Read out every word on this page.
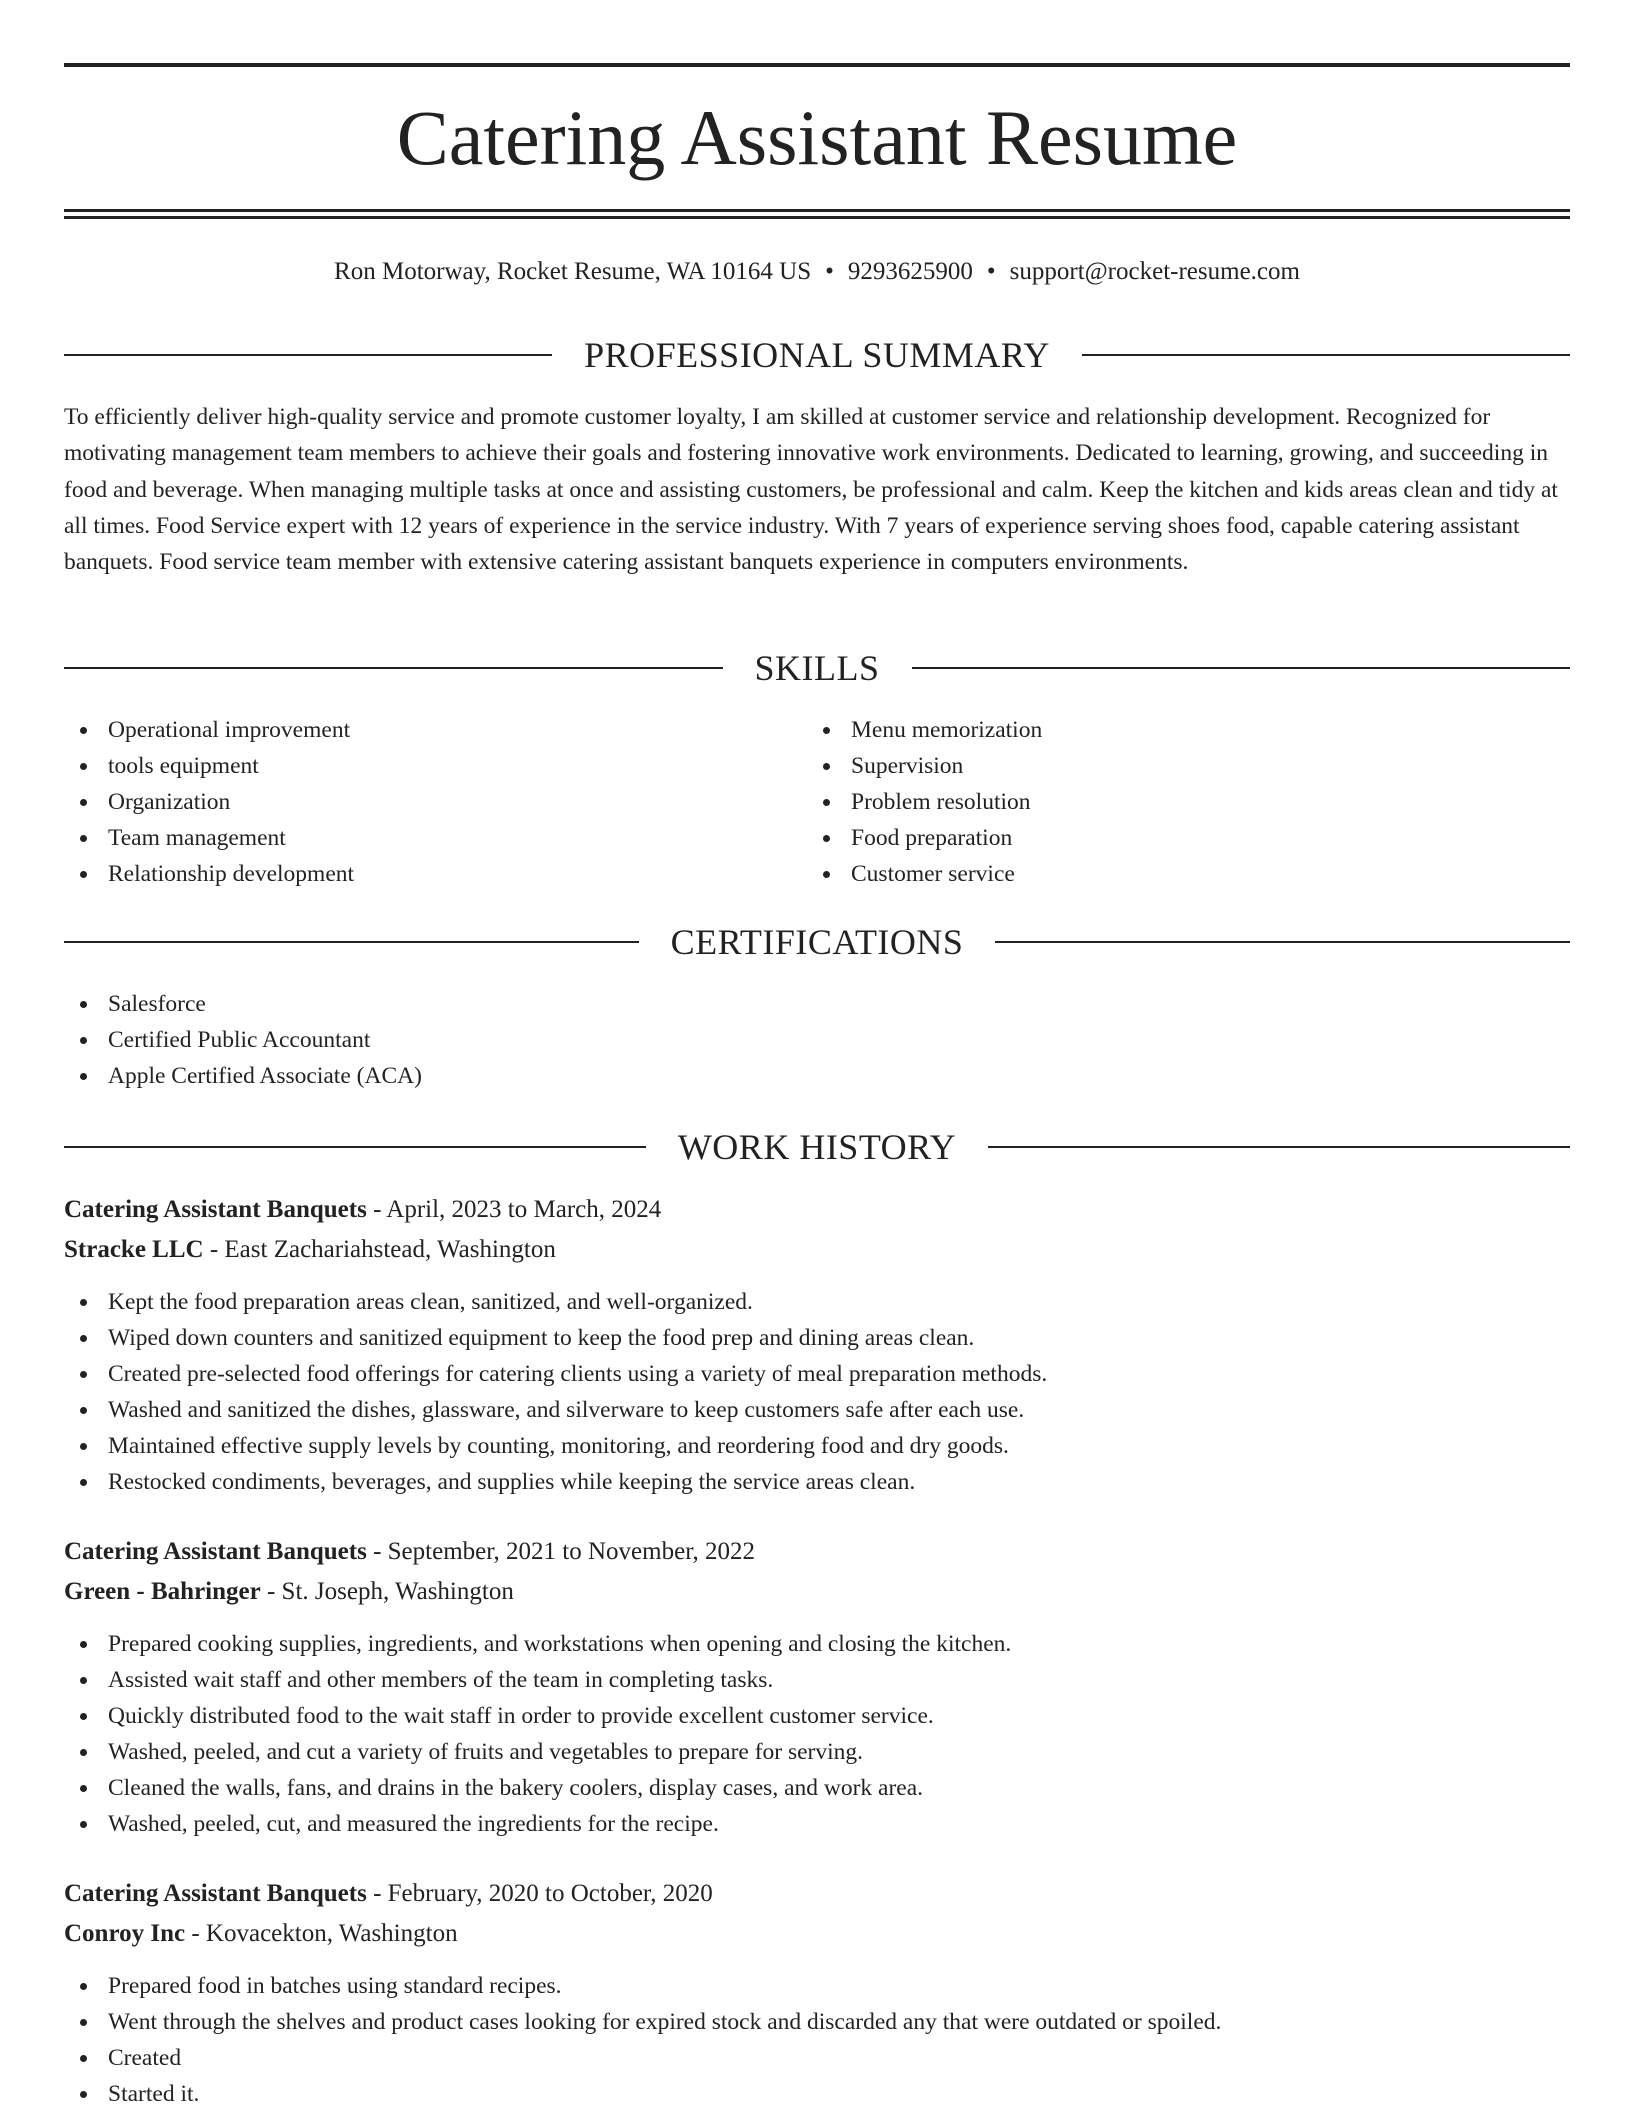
Catering Assistant Resume
Ron Motorway, Rocket Resume, WA 10164 US • 9293625900 • support@rocket-resume.com
PROFESSIONAL SUMMARY

To efficiently deliver high-quality service and promote customer loyalty, I am skilled at customer service and relationship development. Recognized for motivating management team members to achieve their goals and fostering innovative work environments. Dedicated to learning, growing, and succeeding in food and beverage. When managing multiple tasks at once and assisting customers, be professional and calm. Keep the kitchen and kids areas clean and tidy at all times. Food Service expert with 12 years of experience in the service industry. With 7 years of experience serving shoes food, capable catering assistant banquets. Food service team member with extensive catering assistant banquets experience in computers environments.

SKILLS
Operational improvement
tools equipment
Organization
Team management
Relationship development
Menu memorization
Supervision
Problem resolution
Food preparation
Customer service
CERTIFICATIONS
Salesforce
Certified Public Accountant
Apple Certified Associate (ACA)
WORK HISTORY
Catering Assistant Banquets - April, 2023 to March, 2024
Stracke LLC - East Zachariahstead, Washington
Kept the food preparation areas clean, sanitized, and well-organized.
Wiped down counters and sanitized equipment to keep the food prep and dining areas clean.
Created pre-selected food offerings for catering clients using a variety of meal preparation methods.
Washed and sanitized the dishes, glassware, and silverware to keep customers safe after each use.
Maintained effective supply levels by counting, monitoring, and reordering food and dry goods.
Restocked condiments, beverages, and supplies while keeping the service areas clean.
Catering Assistant Banquets - September, 2021 to November, 2022
Green - Bahringer - St. Joseph, Washington
Prepared cooking supplies, ingredients, and workstations when opening and closing the kitchen.
Assisted wait staff and other members of the team in completing tasks.
Quickly distributed food to the wait staff in order to provide excellent customer service.
Washed, peeled, and cut a variety of fruits and vegetables to prepare for serving.
Cleaned the walls, fans, and drains in the bakery coolers, display cases, and work area.
Washed, peeled, cut, and measured the ingredients for the recipe.
Catering Assistant Banquets - February, 2020 to October, 2020
Conroy Inc - Kovacekton, Washington
Prepared food in batches using standard recipes.
Went through the shelves and product cases looking for expired stock and discarded any that were outdated or spoiled.
Created
Started it.
